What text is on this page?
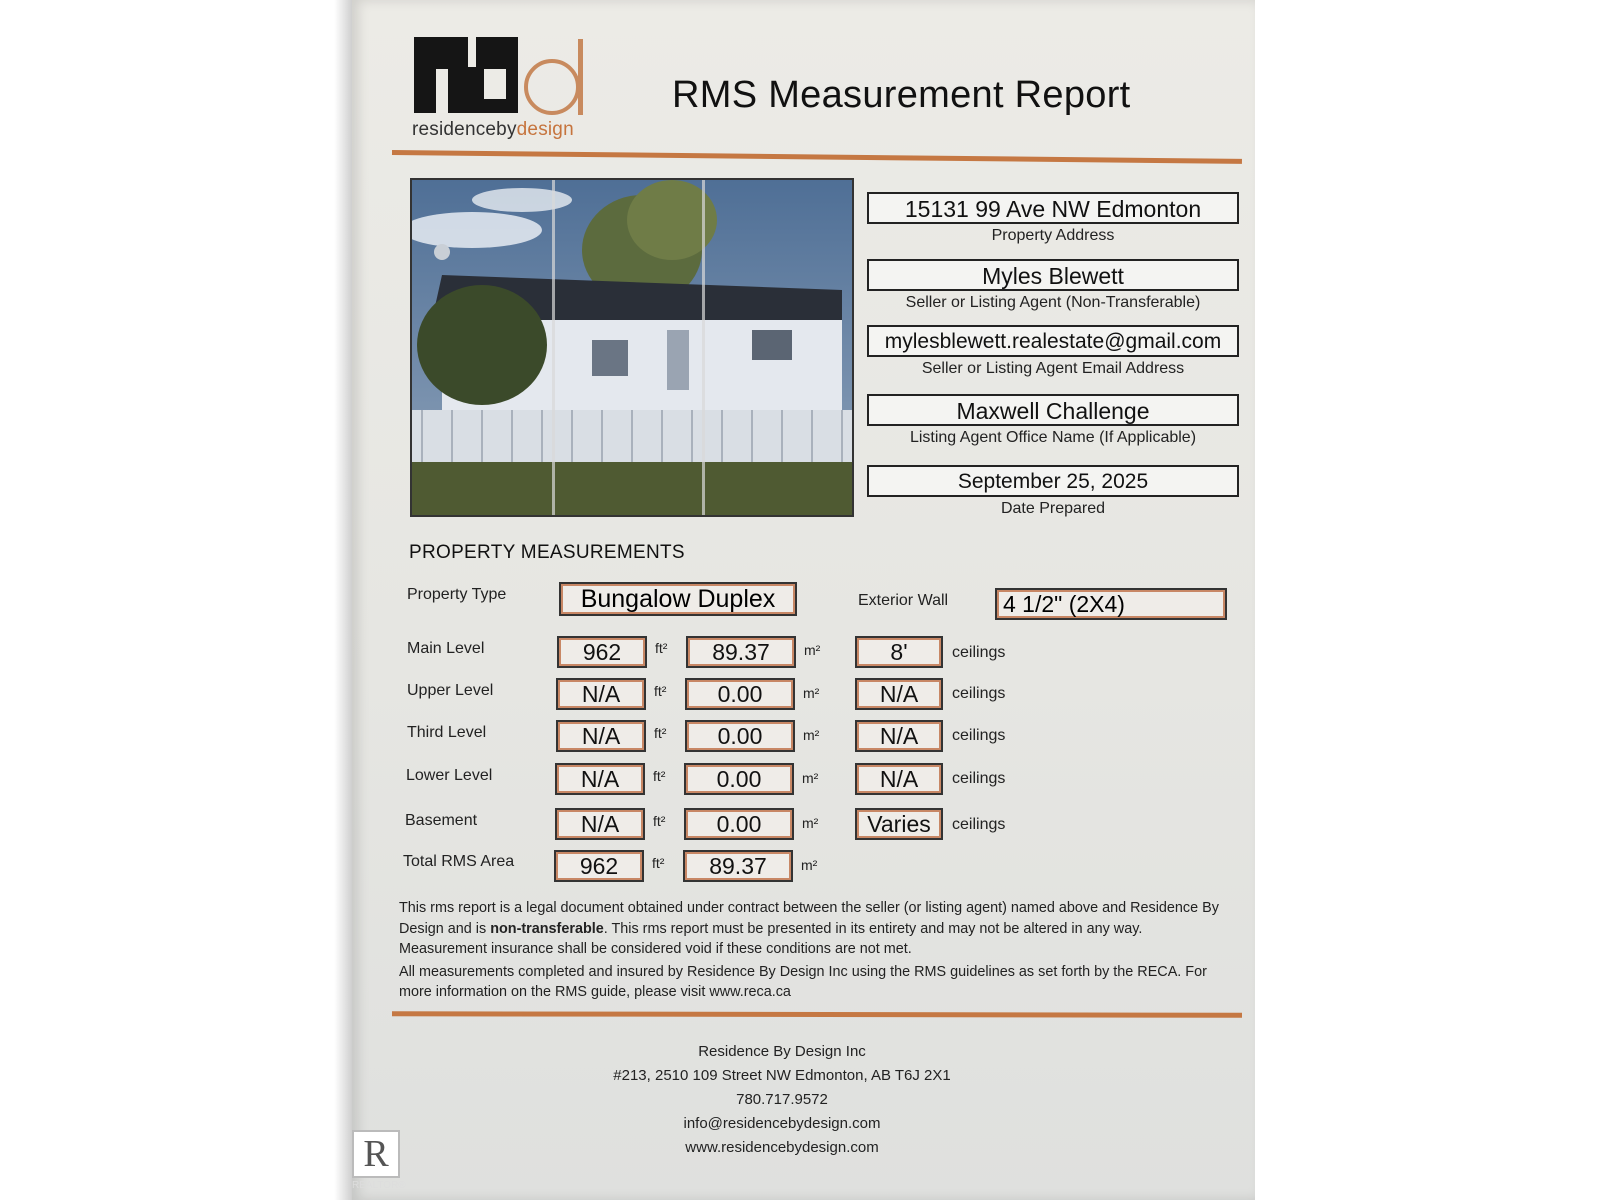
residencebydesign
RMS Measurement Report
15131 99 Ave NW Edmonton
Property Address
Myles Blewett
Seller or Listing Agent (Non-Transferable)
mylesblewett.realestate@gmail.com
Seller or Listing Agent Email Address
Maxwell Challenge
Listing Agent Office Name (If Applicable)
September 25, 2025
Date Prepared
PROPERTY MEASUREMENTS
Property Type	Bungalow Duplex	Exterior Wall	4 1/2" (2X4)
Main Level	962	ft²	89.37	m²	8'	ceilings
Upper Level	N/A	ft²	0.00	m²	N/A	ceilings
Third Level	N/A	ft²	0.00	m²	N/A	ceilings
Lower Level	N/A	ft²	0.00	m²	N/A	ceilings
Basement	N/A	ft²	0.00	m²	Varies	ceilings
Total RMS Area	962	ft²	89.37	m²

This rms report is a legal document obtained under contract between the seller (or listing agent) named above and Residence By Design and is non-transferable. This rms report must be presented in its entirety and may not be altered in any way. Measurement insurance shall be considered void if these conditions are not met.

All measurements completed and insured by Residence By Design Inc using the RMS guidelines as set forth by the RECA. For more information on the RMS guide, please visit www.reca.ca

Residence By Design Inc
#213, 2510 109 Street NW Edmonton, AB T6J 2X1
780.717.9572
info@residencebydesign.com
www.residencebydesign.com
R
REALTOR®
